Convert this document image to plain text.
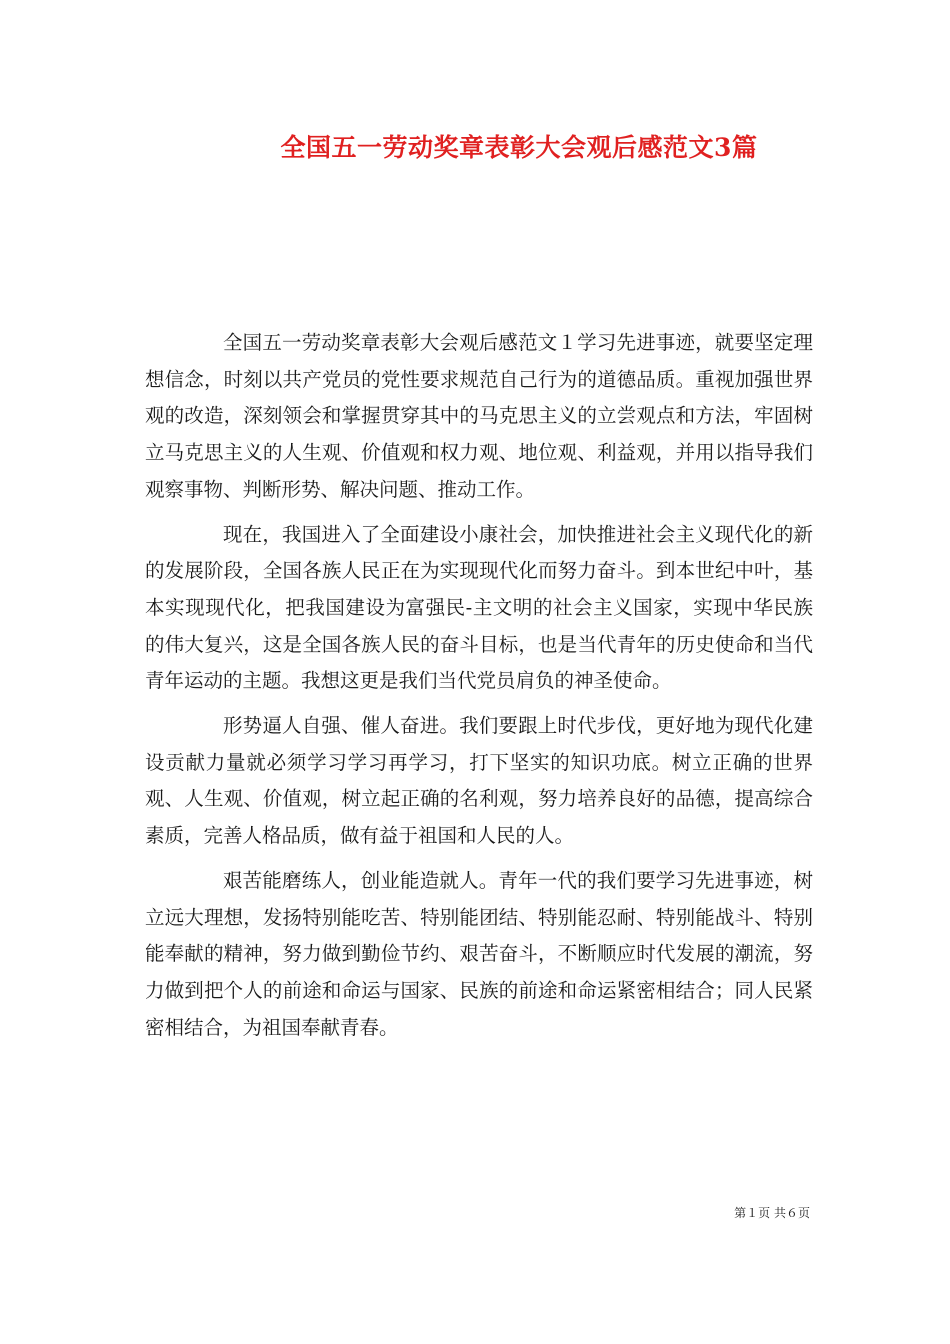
全国五一劳动奖章表彰大会观后感范文3篇

全国五一劳动奖章表彰大会观后感范文１学习先进事迹，就要坚定理想信念，时刻以共产党员的党性要求规范自己行为的道德品质。重视加强世界观的改造，深刻领会和掌握贯穿其中的马克思主义的立尝观点和方法，牢固树立马克思主义的人生观、价值观和权力观、地位观、利益观，并用以指导我们观察事物、判断形势、解决问题、推动工作。

现在，我国进入了全面建设小康社会，加快推进社会主义现代化的新的发展阶段，全国各族人民正在为实现现代化而努力奋斗。到本世纪中叶，基本实现现代化，把我国建设为富强民-主文明的社会主义国家，实现中华民族的伟大复兴，这是全国各族人民的奋斗目标，也是当代青年的历史使命和当代青年运动的主题。我想这更是我们当代党员肩负的神圣使命。

形势逼人自强、催人奋进。我们要跟上时代步伐，更好地为现代化建设贡献力量就必须学习学习再学习，打下坚实的知识功底。树立正确的世界观、人生观、价值观，树立起正确的名利观，努力培养良好的品德，提高综合素质，完善人格品质，做有益于祖国和人民的人。

艰苦能磨练人，创业能造就人。青年一代的我们要学习先进事迹，树立远大理想，发扬特别能吃苦、特别能团结、特别能忍耐、特别能战斗、特别能奉献的精神，努力做到勤俭节约、艰苦奋斗，不断顺应时代发展的潮流，努力做到把个人的前途和命运与国家、民族的前途和命运紧密相结合；同人民紧密相结合，为祖国奉献青春。

第１页 共６页
